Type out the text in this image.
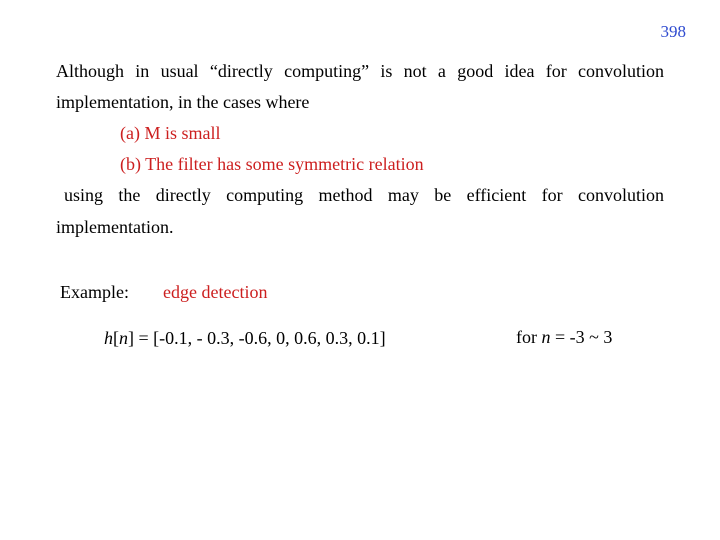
398
Although in usual “directly computing” is not a good idea for convolution
implementation, in the cases where
(a) M is small
(b) The filter has some symmetric relation
using the directly computing method may be efficient for convolution
implementation.
Example: edge detection
h[n] = [-0.1, - 0.3, -0.6, 0, 0.6, 0.3, 0.1]	for n = -3 ~ 3
